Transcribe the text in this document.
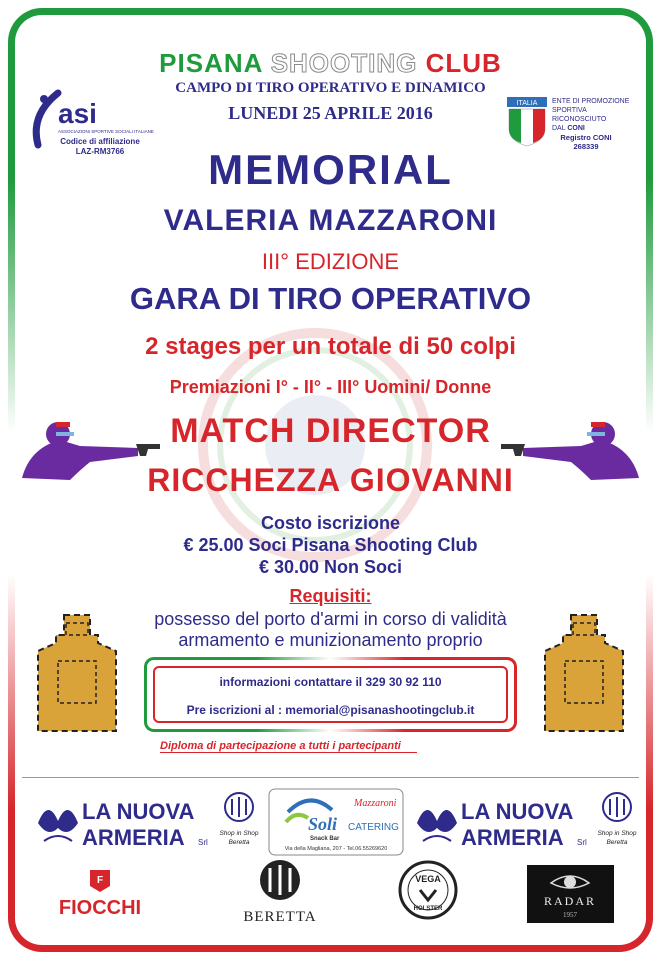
PISANA SHOOTING CLUB
CAMPO DI TIRO OPERATIVO E DINAMICO
LUNEDI 25 APRILE 2016
asi
ASSOCIAZIONI SPORTIVE SOCIALI ITALIANE
Codice di affiliazione
LAZ-RM3766
ITALIA ENTE DI PROMOZIONE
SPORTIVA
RICONOSCIUTO
DAL CONI
Registro CONI
268339
MEMORIAL
VALERIA MAZZARONI
III° EDIZIONE
GARA DI TIRO OPERATIVO
2 stages per un totale di 50 colpi
Premiazioni I° - II° - III° Uomini/ Donne
MATCH DIRECTOR
RICCHEZZA GIOVANNI
Costo iscrizione
€ 25.00 Soci Pisana Shooting Club
€ 30.00 Non Soci
Requisiti:
possesso del porto d'armi in corso di validità
armamento e munizionamento proprio
informazioni contattare il 329 30 92 110
Pre iscrizioni al : memorial@pisanashootingclub.it
Diploma di partecipazione a tutti i partecipanti
LA NUOVA
ARMERIA Srl
Shop in Shop
Beretta
Mazzaroni
Soli CATERING
Snack Bar
Via della Magliana, 207 - Tel.06.55269620
LA NUOVA
ARMERIA Srl
Shop in Shop
Beretta
F
FIOCCHI	BERETTA
VEGA
HOLSTER
RADAR
1957
